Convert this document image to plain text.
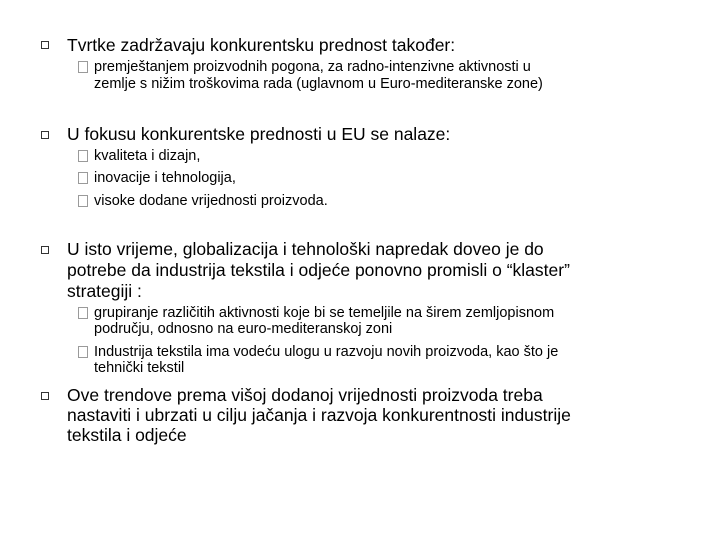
Tvrtke zadržavaju konkurentsku prednost također:
premještanjem proizvodnih pogona, za radno-intenzivne aktivnosti u
zemlje s nižim troškovima rada (uglavnom u Euro-mediteranske zone)
U fokusu konkurentske prednosti u EU se nalaze:
kvaliteta i dizajn,
inovacije i tehnologija,
visoke dodane vrijednosti proizvoda.
U isto vrijeme, globalizacija i tehnološki napredak doveo je do
potrebe da industrija tekstila i odjeće ponovno promisli o “klaster”
strategiji :
grupiranje različitih aktivnosti koje bi se temeljile na širem zemljopisnom
području, odnosno na euro-mediteranskoj zoni
Industrija tekstila ima vodeću ulogu u razvoju novih proizvoda, kao što je
tehnički tekstil
Ove trendove prema višoj dodanoj vrijednosti proizvoda treba
nastaviti i ubrzati u cilju jačanja i razvoja konkurentnosti industrije
tekstila i odjeće
